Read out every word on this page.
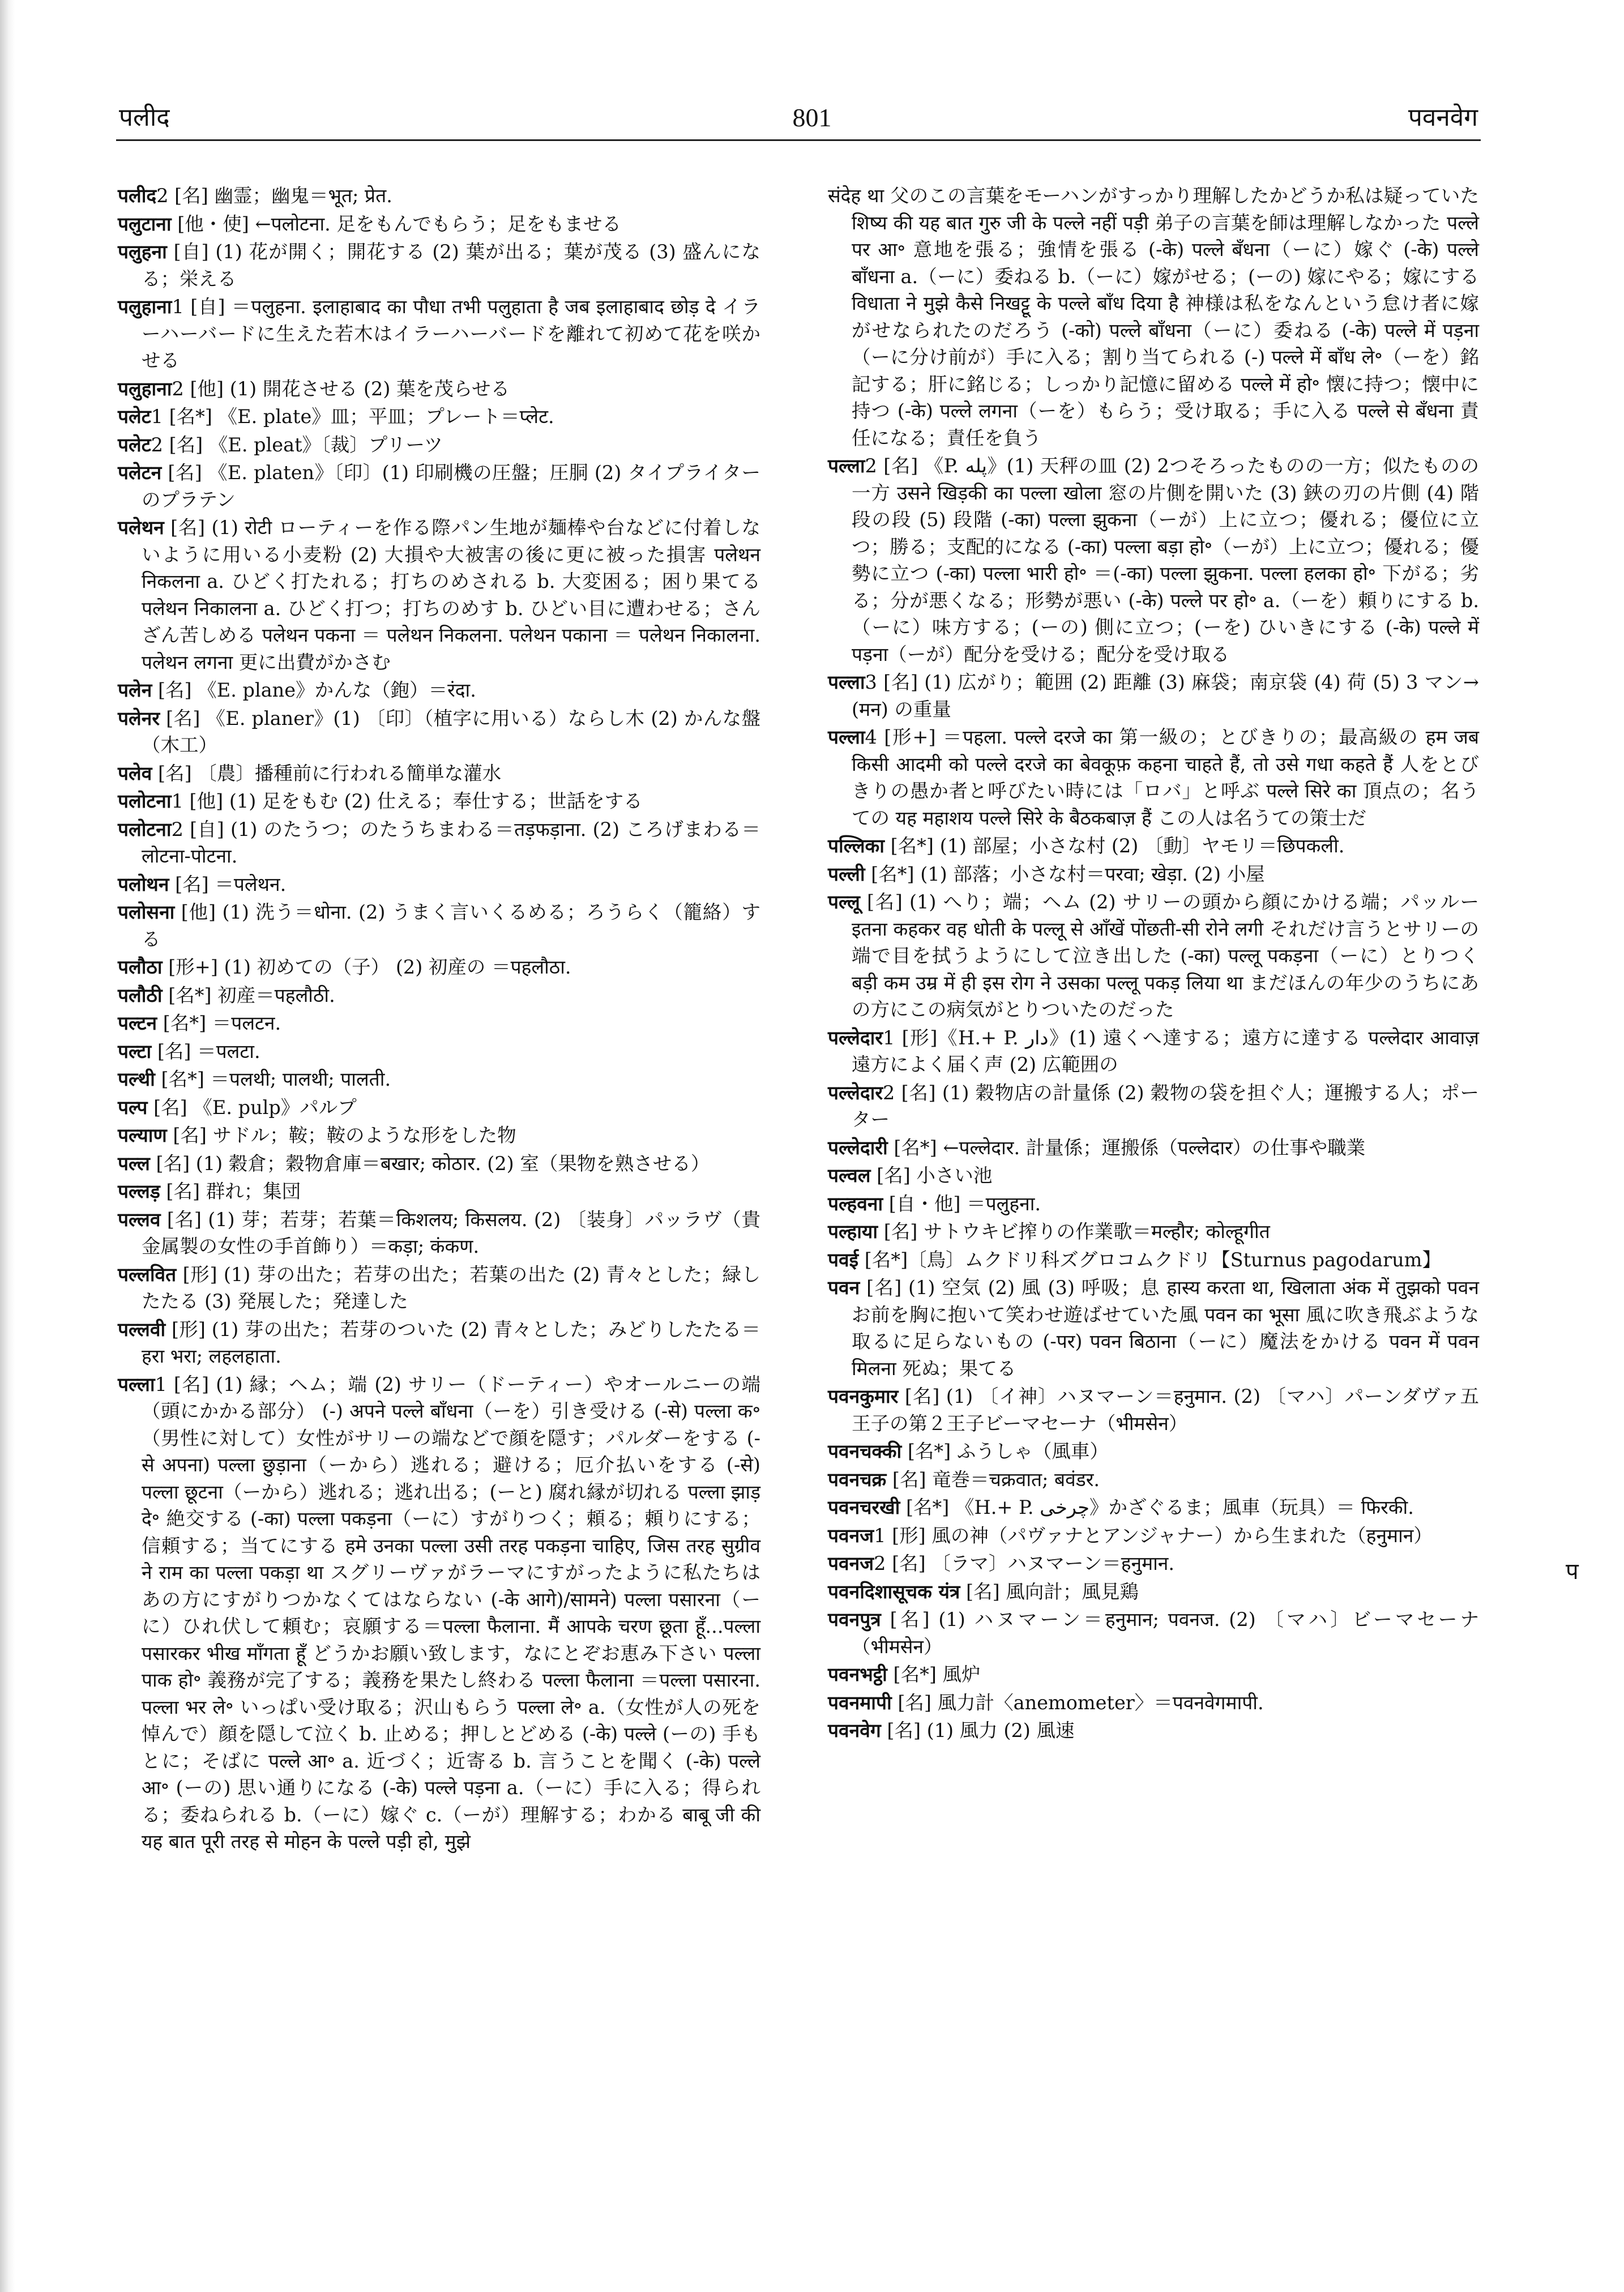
पलीद	801	पवनवेग

पलीद2 [名] 幽霊；幽鬼＝भूत; प्रेत.

पलुटाना [他・使] ←पलोटना. 足をもんでもらう；足をもませる

पलुहना [自] (1) 花が開く；開花する (2) 葉が出る；葉が茂る (3) 盛んになる；栄える

पलुहाना1 [自] ＝पलुहना. इलाहाबाद का पौधा तभी पलुहाता है जब इलाहाबाद छोड़ दे イラーハーバードに生えた若木はイラーハーバードを離れて初めて花を咲かせる

पलुहाना2 [他] (1) 開花させる (2) 葉を茂らせる

पलेट1 [名*] 《E. plate》皿；平皿；プレート＝प्लेट.

पलेट2 [名] 《E. pleat》〔裁〕プリーツ

पलेटन [名] 《E. platen》〔印〕(1) 印刷機の圧盤；圧胴 (2) タイプライターのプラテン

पलेथन [名] (1) रोटी ローティーを作る際パン生地が麺棒や台などに付着しないように用いる小麦粉 (2) 大損や大被害の後に更に被った損害 पलेथन निकलना a. ひどく打たれる；打ちのめされる b. 大変困る；困り果てる पलेथन निकालना a. ひどく打つ；打ちのめす b. ひどい目に遭わせる；さんざん苦しめる पलेथन पकना ＝ पलेथन निकलना. पलेथन पकाना ＝ पलेथन निकालना. पलेथन लगना 更に出費がかさむ

पलेन [名] 《E. plane》かんな（鉋）＝रंदा.

पलेनर [名] 《E. planer》(1) 〔印〕（植字に用いる）ならし木 (2) かんな盤（木工）

पलेव [名] 〔農〕播種前に行われる簡単な灌水

पलोटना1 [他] (1) 足をもむ (2) 仕える；奉仕する；世話をする

पलोटना2 [自] (1) のたうつ；のたうちまわる＝तड़फड़ाना. (2) ころげまわる＝लोटना-पोटना.

पलोथन [名] ＝पलेथन.

पलोसना [他] (1) 洗う＝धोना. (2) うまく言いくるめる；ろうらく（籠絡）する

पलौठा [形+] (1) 初めての（子） (2) 初産の ＝पहलौठा.

पलौठी [名*] 初産＝पहलौठी.

पल्टन [名*] ＝पलटन.

पल्टा [名] ＝पलटा.

पल्थी [名*] ＝पलथी; पालथी; पालती.

पल्प [名] 《E. pulp》パルプ

पल्याण [名] サドル；鞍；鞍のような形をした物

पल्ल [名] (1) 穀倉；穀物倉庫＝बखार; कोठार. (2) 室（果物を熟させる）

पल्लड़ [名] 群れ；集団

पल्लव [名] (1) 芽；若芽；若葉＝किशलय; किसलय. (2) 〔装身〕パッラヴ（貴金属製の女性の手首飾り）＝कड़ा; कंकण.

पल्लवित [形] (1) 芽の出た；若芽の出た；若葉の出た (2) 青々とした；緑したたる (3) 発展した；発達した

पल्लवी [形] (1) 芽の出た；若芽のついた (2) 青々とした；みどりしたたる＝हरा भरा; लहलहाता.

पल्ला1 [名] (1) 縁；ヘム；端 (2) サリー（ドーティー）やオールニーの端（頭にかかる部分） (-) अपने पल्ले बाँधना（ーを）引き受ける (-से) पल्ला क॰（男性に対して）女性がサリーの端などで顔を隠す；パルダーをする (-से अपना) पल्ला छुड़ाना（ーから）逃れる；避ける；厄介払いをする (-से) पल्ला छूटना（ーから）逃れる；逃れ出る；(ーと) 腐れ縁が切れる पल्ला झाड़ दे॰ 絶交する (-का) पल्ला पकड़ना（ーに）すがりつく；頼る；頼りにする；信頼する；当てにする हमे उनका पल्ला उसी तरह पकड़ना चाहिए, जिस तरह सुग्रीव ने राम का पल्ला पकड़ा था スグリーヴァがラーマにすがったように私たちはあの方にすがりつかなくてはならない (-के आगे)/सामने) पल्ला पसारना（ーに）ひれ伏して頼む；哀願する＝पल्ला फैलाना. मैं आपके चरण छूता हूँ...पल्ला पसारकर भीख माँगता हूँ どうかお願い致します，なにとぞお恵み下さい पल्ला पाक हो॰ 義務が完了する；義務を果たし終わる पल्ला फैलाना ＝पल्ला पसारना. पल्ला भर ले॰ いっぱい受け取る；沢山もらう पल्ला ले॰ a.（女性が人の死を悼んで）顔を隠して泣く b. 止める；押しとどめる (-के) पल्ले (ーの) 手もとに；そばに पल्ले आ॰ a. 近づく；近寄る b. 言うことを聞く (-के) पल्ले आ॰ (ーの) 思い通りになる (-के) पल्ले पड़ना a.（ーに）手に入る；得られる；委ねられる b.（ーに）嫁ぐ c.（ーが）理解する；わかる बाबू जी की यह बात पूरी तरह से मोहन के पल्ले पड़ी हो, मुझे

संदेह था 父のこの言葉をモーハンがすっかり理解したかどうか私は疑っていた शिष्य की यह बात गुरु जी के पल्ले नहीं पड़ी 弟子の言葉を師は理解しなかった पल्ले पर आ॰ 意地を張る；強情を張る (-के) पल्ले बँधना（ーに）嫁ぐ (-के) पल्ले बाँधना a.（ーに）委ねる b.（ーに）嫁がせる；(ーの) 嫁にやる；嫁にする विधाता ने मुझे कैसे निखट्टू के पल्ले बाँध दिया है 神様は私をなんという怠け者に嫁がせなられたのだろう (-को) पल्ले बाँधना（ーに）委ねる (-के) पल्ले में पड़ना（ーに分け前が）手に入る；割り当てられる (-) पल्ले में बाँध ले॰（ーを）銘記する；肝に銘じる；しっかり記憶に留める पल्ले में हो॰ 懐に持つ；懐中に持つ (-के) पल्ले लगना（ーを）もらう；受け取る；手に入る पल्ले से बँधना 責任になる；責任を負う

पल्ला2 [名] 《P. پله》(1) 天秤の皿 (2) 2つそろったものの一方；似たものの一方 उसने खिड़की का पल्ला खोला 窓の片側を開いた (3) 鋏の刃の片側 (4) 階段の段 (5) 段階 (-का) पल्ला झुकना（ーが）上に立つ；優れる；優位に立つ；勝る；支配的になる (-का) पल्ला बड़ा हो॰（ーが）上に立つ；優れる；優勢に立つ (-का) पल्ला भारी हो॰ ＝(-का) पल्ला झुकना. पल्ला हलका हो॰ 下がる；劣る；分が悪くなる；形勢が悪い (-के) पल्ले पर हो॰ a.（ーを）頼りにする b.（ーに）味方する；(ーの) 側に立つ；(ーを) ひいきにする (-के) पल्ले में पड़ना（ーが）配分を受ける；配分を受け取る

पल्ला3 [名] (1) 広がり；範囲 (2) 距離 (3) 麻袋；南京袋 (4) 荷 (5) 3 マン→ (मन) の重量

पल्ला4 [形+] ＝पहला. पल्ले दरजे का 第一級の；とびきりの；最高級の हम जब किसी आदमी को पल्ले दरजे का बेवकूफ़ कहना चाहते हैं, तो उसे गधा कहते हैं 人をとびきりの愚か者と呼びたい時には「ロバ」と呼ぶ पल्ले सिरे का 頂点の；名うての यह महाशय पल्ले सिरे के बैठकबाज़ हैं この人は名うての策士だ

पल्लिका [名*] (1) 部屋；小さな村 (2) 〔動〕ヤモリ＝छिपकली.

पल्ली [名*] (1) 部落；小さな村＝परवा; खेड़ा. (2) 小屋

पल्लू [名] (1) へり；端；ヘム (2) サリーの頭から顔にかける端；パッルー इतना कहकर वह धोती के पल्लू से आँखें पोंछती-सी रोने लगी それだけ言うとサリーの端で目を拭うようにして泣き出した (-का) पल्लू पकड़ना（ーに）とりつく बड़ी कम उम्र में ही इस रोग ने उसका पल्लू पकड़ लिया था まだほんの年少のうちにあの方にこの病気がとりついたのだった

पल्लेदार1 [形]《H.+ P. دار》(1) 遠くへ達する；遠方に達する पल्लेदार आवाज़ 遠方によく届く声 (2) 広範囲の

पल्लेदार2 [名] (1) 穀物店の計量係 (2) 穀物の袋を担ぐ人；運搬する人；ポーター

पल्लेदारी [名*] ←पल्लेदार. 計量係；運搬係（पल्लेदार）の仕事や職業

पल्वल [名] 小さい池

पल्हवना [自・他] ＝पलुहना.

पल्हाया [名] サトウキビ搾りの作業歌＝मल्हौर; कोल्हूगीत

पवई [名*]〔鳥〕ムクドリ科ズグロコムクドリ【Sturnus pagodarum】

पवन [名] (1) 空気 (2) 風 (3) 呼吸；息 हास्य करता था, खिलाता अंक में तुझको पवन お前を胸に抱いて笑わせ遊ばせていた風 पवन का भूसा 風に吹き飛ぶような取るに足らないもの (-पर) पवन बिठाना（ーに）魔法をかける पवन में पवन मिलना 死ぬ；果てる

पवनकुमार [名] (1) 〔イ神〕ハヌマーン＝हनुमान. (2) 〔マハ〕パーンダヴァ五王子の第２王子ビーマセーナ（भीमसेन）

पवनचक्की [名*] ふうしゃ（風車）

पवनचक्र [名] 竜巻＝चक्रवात; बवंडर.

पवनचरखी [名*] 《H.+ P. چرخی》かざぐるま；風車（玩具）＝ फिरकी.

पवनज1 [形] 風の神（パヴァナとアンジャナー）から生まれた（हनुमान）

पवनज2 [名] 〔ラマ〕ハヌマーン＝हनुमान.

पवनदिशासूचक यंत्र [名] 風向計；風見鶏

पवनपुत्र [名] (1) ハヌマーン＝हनुमान; पवनज. (2) 〔マハ〕ビーマセーナ（भीमसेन）

पवनभट्ठी [名*] 風炉

पवनमापी [名] 風力計〈anemometer〉＝पवनवेगमापी.

पवनवेग [名] (1) 風力 (2) 風速

प
